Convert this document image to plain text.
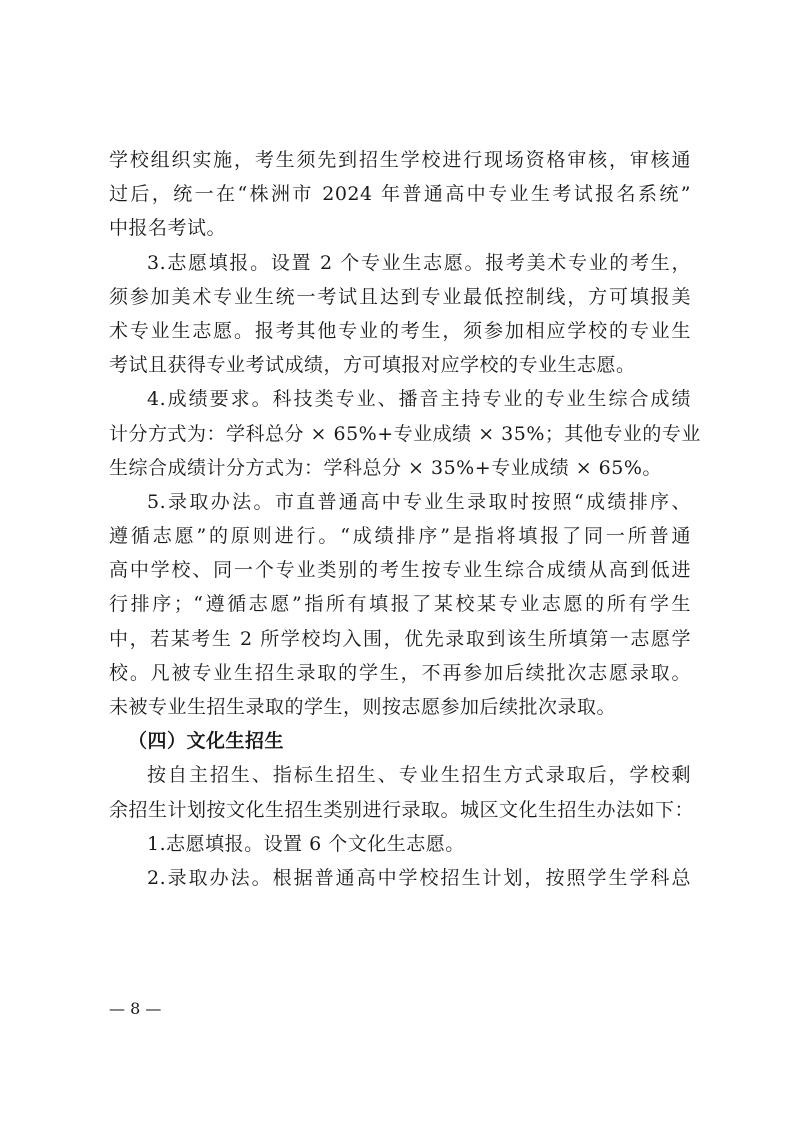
学校组织实施，考生须先到招生学校进行现场资格审核，审核通
过后，统一在“株洲市 2024 年普通高中专业生考试报名系统”
中报名考试。
3.志愿填报。设置 2 个专业生志愿。报考美术专业的考生，
须参加美术专业生统一考试且达到专业最低控制线，方可填报美
术专业生志愿。报考其他专业的考生，须参加相应学校的专业生
考试且获得专业考试成绩，方可填报对应学校的专业生志愿。
4.成绩要求。科技类专业、播音主持专业的专业生综合成绩
计分方式为：学科总分 × 65%+专业成绩 × 35%；其他专业的专业
生综合成绩计分方式为：学科总分 × 35%+专业成绩 × 65%。
5.录取办法。市直普通高中专业生录取时按照“成绩排序、
遵循志愿”的原则进行。“成绩排序”是指将填报了同一所普通
高中学校、同一个专业类别的考生按专业生综合成绩从高到低进
行排序；“遵循志愿”指所有填报了某校某专业志愿的所有学生
中，若某考生 2 所学校均入围，优先录取到该生所填第一志愿学
校。凡被专业生招生录取的学生，不再参加后续批次志愿录取。
未被专业生招生录取的学生，则按志愿参加后续批次录取。
（四）文化生招生
按自主招生、指标生招生、专业生招生方式录取后，学校剩
余招生计划按文化生招生类别进行录取。城区文化生招生办法如下：
1.志愿填报。设置 6 个文化生志愿。
2.录取办法。根据普通高中学校招生计划，按照学生学科总
— 8 —
